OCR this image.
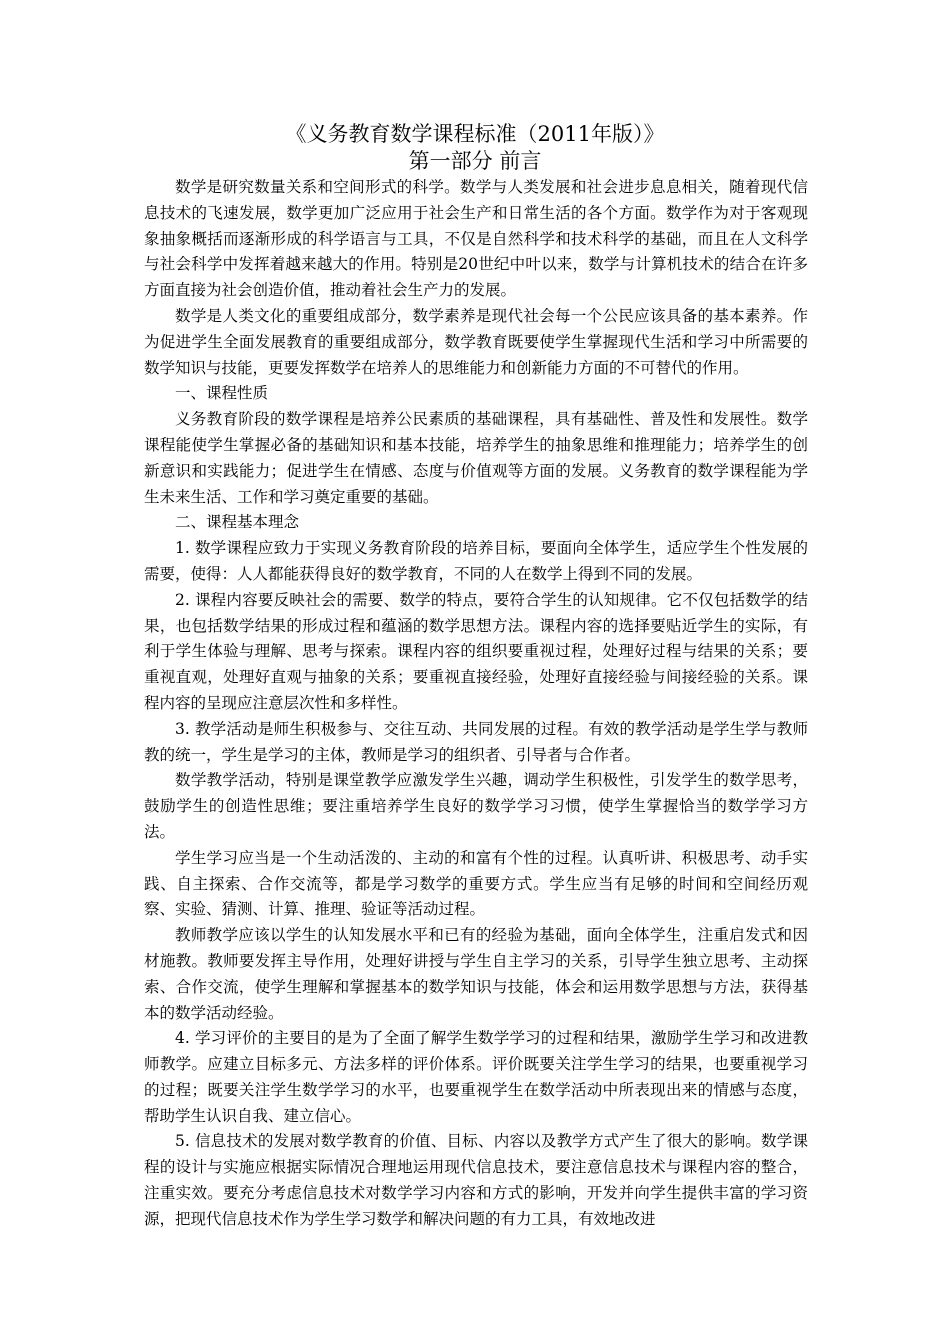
《义务教育数学课程标准（2011年版）》
第一部分 前言

数学是研究数量关系和空间形式的科学。数学与人类发展和社会进步息息相关，随着现代信息技术的飞速发展，数学更加广泛应用于社会生产和日常生活的各个方面。数学作为对于客观现象抽象概括而逐渐形成的科学语言与工具，不仅是自然科学和技术科学的基础，而且在人文科学与社会科学中发挥着越来越大的作用。特别是20世纪中叶以来，数学与计算机技术的结合在许多方面直接为社会创造价值，推动着社会生产力的发展。

数学是人类文化的重要组成部分，数学素养是现代社会每一个公民应该具备的基本素养。作为促进学生全面发展教育的重要组成部分，数学教育既要使学生掌握现代生活和学习中所需要的数学知识与技能，更要发挥数学在培养人的思维能力和创新能力方面的不可替代的作用。

一、课程性质

义务教育阶段的数学课程是培养公民素质的基础课程，具有基础性、普及性和发展性。数学课程能使学生掌握必备的基础知识和基本技能，培养学生的抽象思维和推理能力；培养学生的创新意识和实践能力；促进学生在情感、态度与价值观等方面的发展。义务教育的数学课程能为学生未来生活、工作和学习奠定重要的基础。

二、课程基本理念

1. 数学课程应致力于实现义务教育阶段的培养目标，要面向全体学生，适应学生个性发展的需要，使得：人人都能获得良好的数学教育，不同的人在数学上得到不同的发展。

2. 课程内容要反映社会的需要、数学的特点，要符合学生的认知规律。它不仅包括数学的结果，也包括数学结果的形成过程和蕴涵的数学思想方法。课程内容的选择要贴近学生的实际，有利于学生体验与理解、思考与探索。课程内容的组织要重视过程，处理好过程与结果的关系；要重视直观，处理好直观与抽象的关系；要重视直接经验，处理好直接经验与间接经验的关系。课程内容的呈现应注意层次性和多样性。

3. 教学活动是师生积极参与、交往互动、共同发展的过程。有效的教学活动是学生学与教师教的统一，学生是学习的主体，教师是学习的组织者、引导者与合作者。

数学教学活动，特别是课堂教学应激发学生兴趣，调动学生积极性，引发学生的数学思考，鼓励学生的创造性思维；要注重培养学生良好的数学学习习惯，使学生掌握恰当的数学学习方法。

学生学习应当是一个生动活泼的、主动的和富有个性的过程。认真听讲、积极思考、动手实践、自主探索、合作交流等，都是学习数学的重要方式。学生应当有足够的时间和空间经历观察、实验、猜测、计算、推理、验证等活动过程。

教师教学应该以学生的认知发展水平和已有的经验为基础，面向全体学生，注重启发式和因材施教。教师要发挥主导作用，处理好讲授与学生自主学习的关系，引导学生独立思考、主动探索、合作交流，使学生理解和掌握基本的数学知识与技能，体会和运用数学思想与方法，获得基本的数学活动经验。

4. 学习评价的主要目的是为了全面了解学生数学学习的过程和结果，激励学生学习和改进教师教学。应建立目标多元、方法多样的评价体系。评价既要关注学生学习的结果，也要重视学习的过程；既要关注学生数学学习的水平，也要重视学生在数学活动中所表现出来的情感与态度，帮助学生认识自我、建立信心。

5. 信息技术的发展对数学教育的价值、目标、内容以及教学方式产生了很大的影响。数学课程的设计与实施应根据实际情况合理地运用现代信息技术，要注意信息技术与课程内容的整合，注重实效。要充分考虑信息技术对数学学习内容和方式的影响，开发并向学生提供丰富的学习资源，把现代信息技术作为学生学习数学和解决问题的有力工具，有效地改进
